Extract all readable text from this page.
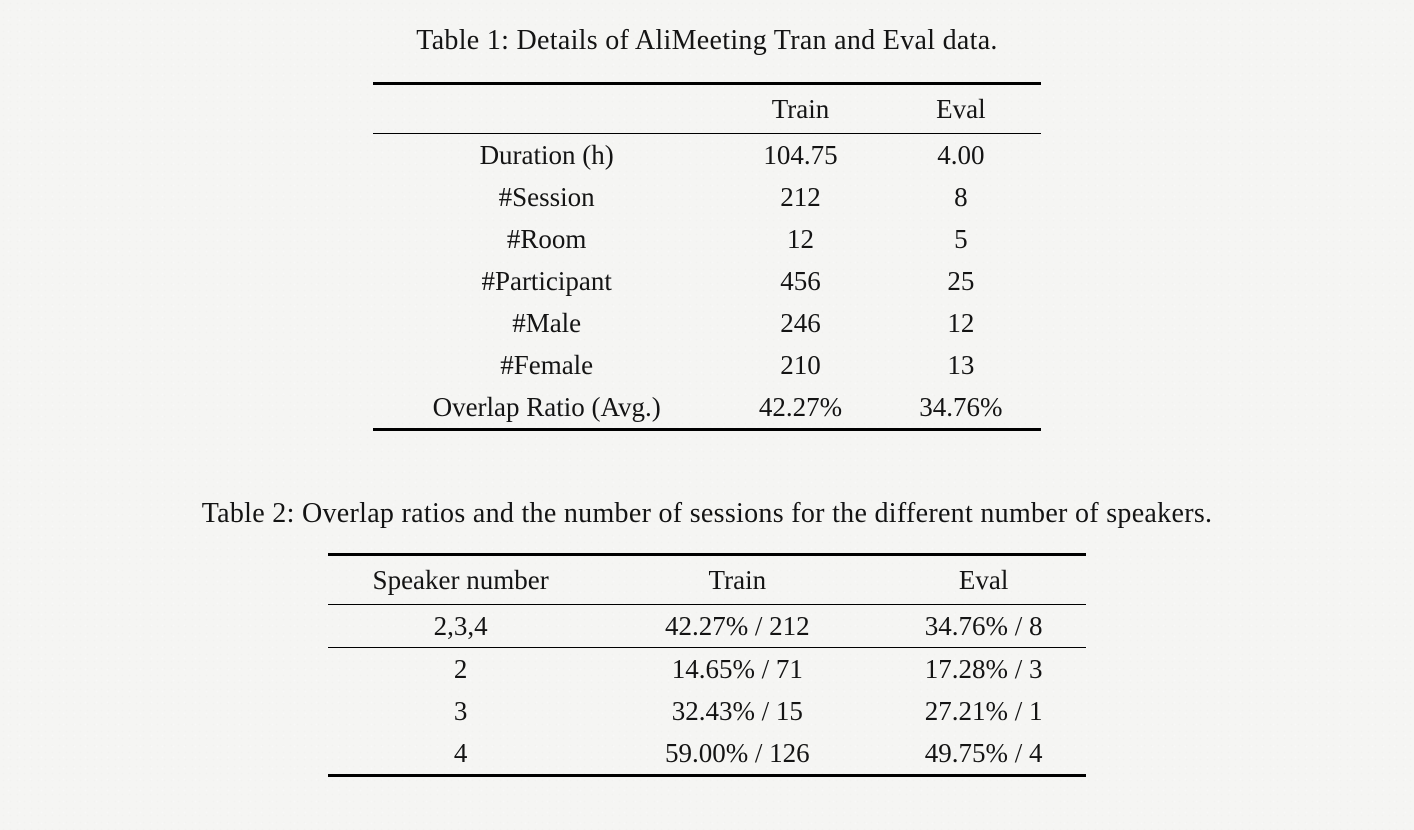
Table 1: Details of AliMeeting Tran and Eval data.
	Train	Eval
Duration (h)	104.75	4.00
#Session	212	8
#Room	12	5
#Participant	456	25
#Male	246	12
#Female	210	13
Overlap Ratio (Avg.)	42.27%	34.76%
Table 2: Overlap ratios and the number of sessions for the different number of speakers.
Speaker number	Train	Eval
2,3,4	42.27% / 212	34.76% / 8
2	14.65% / 71	17.28% / 3
3	32.43% / 15	27.21% / 1
4	59.00% / 126	49.75% / 4
